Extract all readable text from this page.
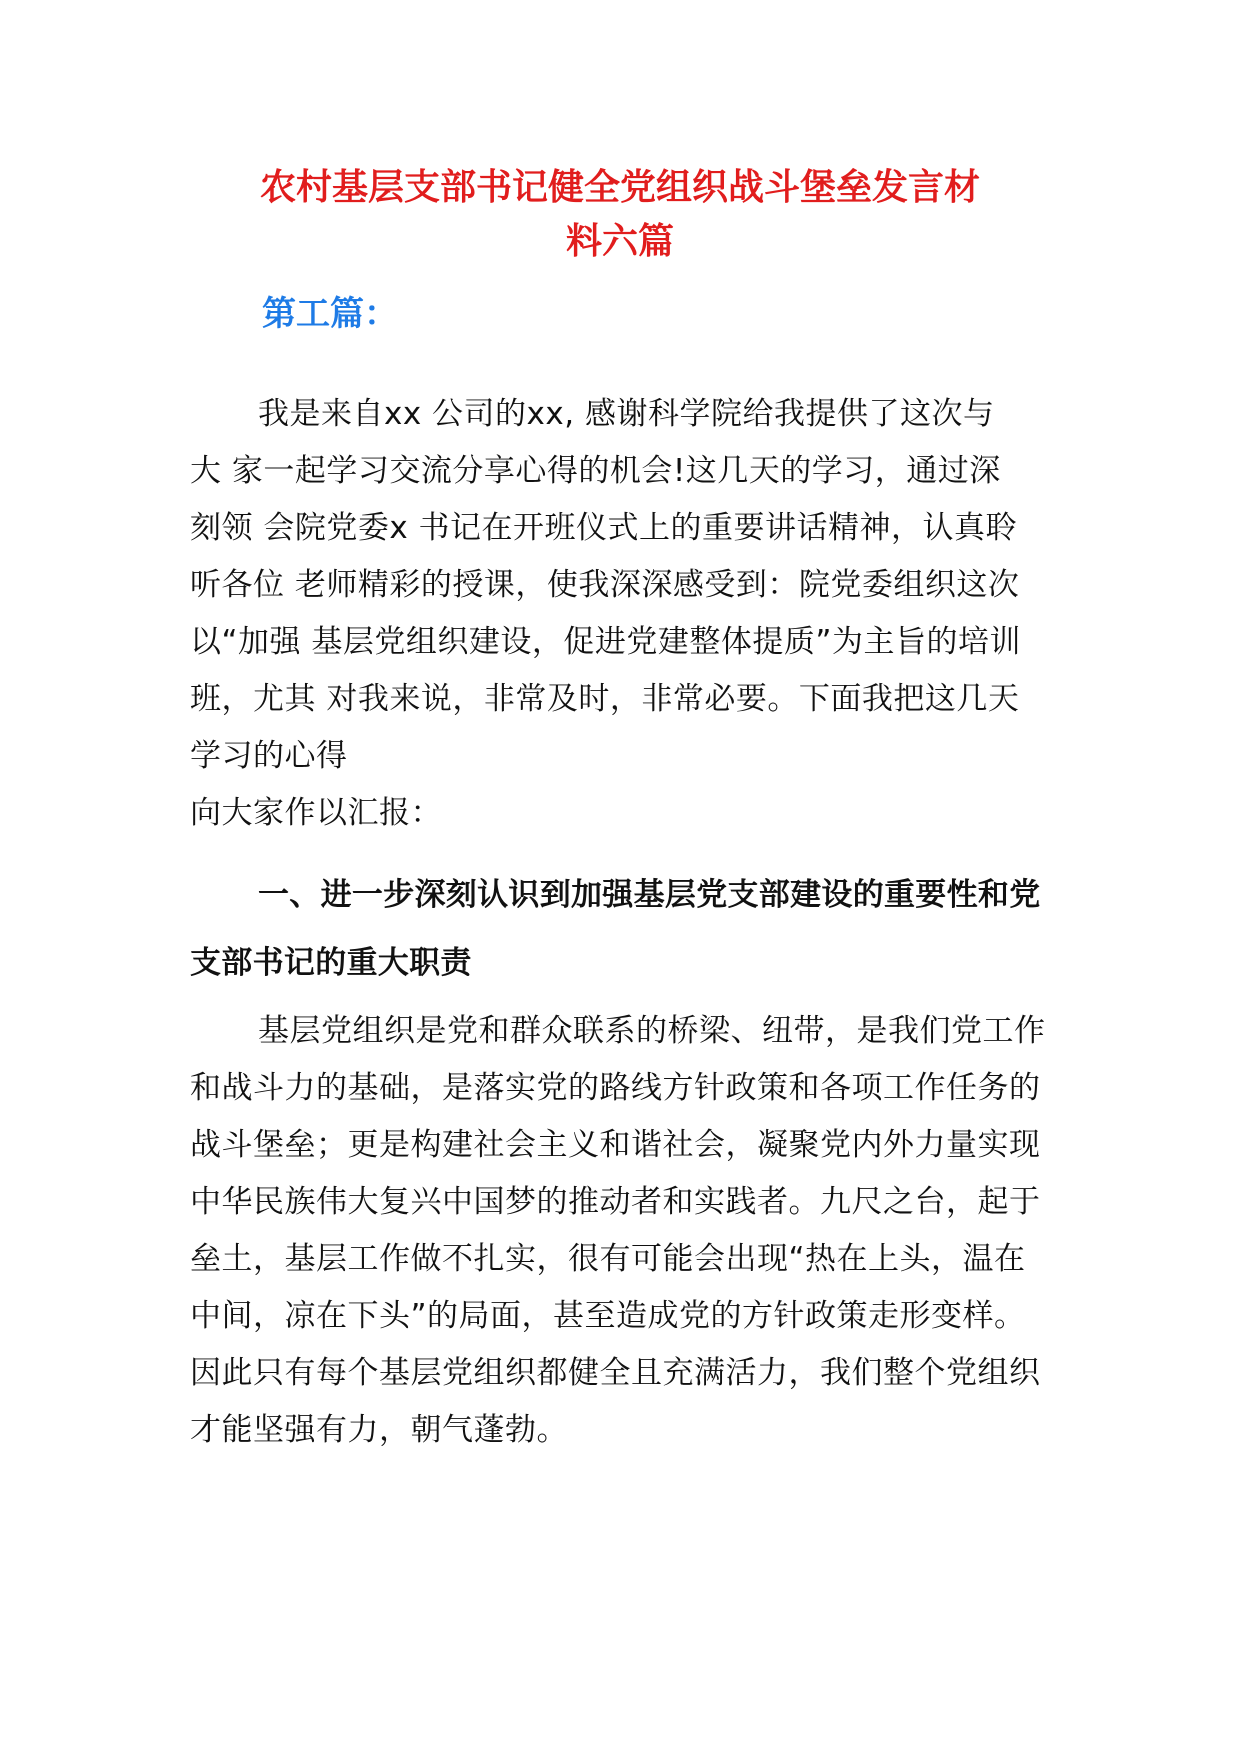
农村基层支部书记健全党组织战斗堡垒发言材
料六篇
第工篇：
我是来自xx 公司的xx, 感谢科学院给我提供了这次与
大 家一起学习交流分享心得的机会!这几天的学习，通过深
刻领 会院党委x 书记在开班仪式上的重要讲话精神，认真聆
听各位 老师精彩的授课，使我深深感受到：院党委组织这次
以“加强 基层党组织建设，促进党建整体提质”为主旨的培训
班，尤其 对我来说，非常及时，非常必要。下面我把这几天
学习的心得
向大家作以汇报：
一、进一步深刻认识到加强基层党支部建设的重要性和党
支部书记的重大职责
基层党组织是党和群众联系的桥梁、纽带，是我们党工作
和战斗力的基础，是落实党的路线方针政策和各项工作任务的
战斗堡垒；更是构建社会主义和谐社会，凝聚党内外力量实现
中华民族伟大复兴中国梦的推动者和实践者。九尺之台，起于
垒土，基层工作做不扎实，很有可能会出现“热在上头，温在
中间，凉在下头”的局面，甚至造成党的方针政策走形变样。
因此只有每个基层党组织都健全且充满活力，我们整个党组织
才能坚强有力，朝气蓬勃。
